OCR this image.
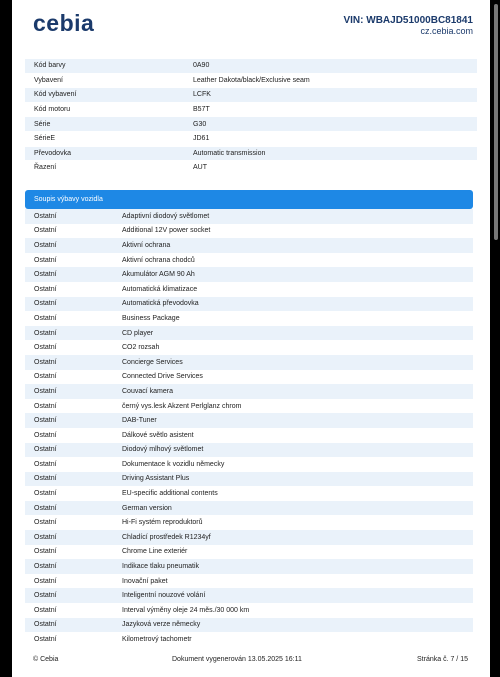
cebia	VIN: WBAJD51000BC81841
cz.cebia.com
Kód barvy	0A90
Vybavení	Leather Dakota/black/Exclusive seam
Kód vybavení	LCFK
Kód motoru	B57T
Série	G30
SérieE	JD61
Převodovka	Automatic transmission
Řazení	AUT
Soupis výbavy vozidla
Ostatní	Adaptivní diodový světlomet
Ostatní	Additional 12V power socket
Ostatní	Aktivní ochrana
Ostatní	Aktivní ochrana chodců
Ostatní	Akumulátor AGM 90 Ah
Ostatní	Automatická klimatizace
Ostatní	Automatická převodovka
Ostatní	Business Package
Ostatní	CD player
Ostatní	CO2 rozsah
Ostatní	Concierge Services
Ostatní	Connected Drive Services
Ostatní	Couvací kamera
Ostatní	černý vys.lesk Akzent Perlglanz chrom
Ostatní	DAB-Tuner
Ostatní	Dálkové světlo asistent
Ostatní	Diodový mlhový světlomet
Ostatní	Dokumentace k vozidlu německy
Ostatní	Driving Assistant Plus
Ostatní	EU-specific additional contents
Ostatní	German version
Ostatní	Hi-Fi systém reproduktorů
Ostatní	Chladící prostředek R1234yf
Ostatní	Chrome Line exteriér
Ostatní	Indikace tlaku pneumatik
Ostatní	Inovační paket
Ostatní	Inteligentní nouzové volání
Ostatní	Interval výměny oleje 24 měs./30 000 km
Ostatní	Jazyková verze německy
Ostatní	Kilometrový tachometr
© Cebia	Dokument vygenerován 13.05.2025 16:11	Stránka č. 7 / 15
